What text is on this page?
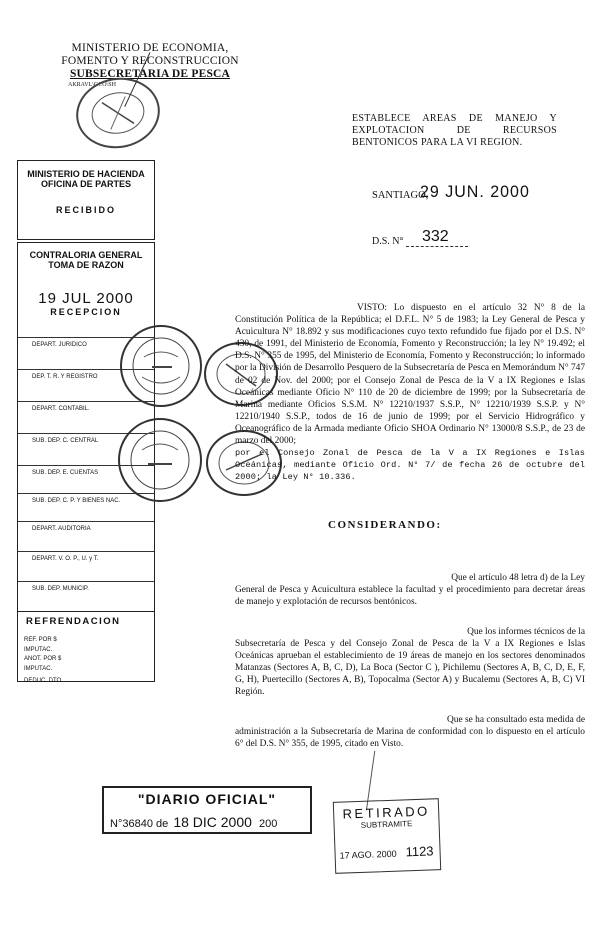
MINISTERIO DE ECONOMIA,
FOMENTO Y RECONSTRUCCION
SUBSECRETARIA DE PESCA
AKRAVL\GCO\SH
ESTABLECE AREAS DE MANEJO Y EXPLOTACION DE RECURSOS BENTONICOS PARA LA VI REGION.
MINISTERIO DE HACIENDA
OFICINA DE PARTES
RECIBIDO
SANTIAGO,
29 JUN. 2000
D.S. N° 332
CONTRALORIA GENERAL
TOMA DE RAZON
19 JUL 2000
RECEPCION
DEPART. JURIDICO
DEP. T. R. Y REGISTRO
DEPART. CONTABIL.
SUB. DEP. C. CENTRAL
SUB. DEP. E. CUENTAS
SUB. DEP. C. P. Y BIENES NAC.
DEPART. AUDITORIA
DEPART. V. O. P., U. y T.
SUB. DEP. MUNICIP.
REFRENDACION
REF. POR $
IMPUTAC.
ANOT. POR $
IMPUTAC.
DEDUC. DTO.
VISTO: Lo dispuesto en el artículo 32 N° 8 de la Constitución Política de la República; el D.F.L. N° 5 de 1983; la Ley General de Pesca y Acuicultura N° 18.892 y sus modificaciones cuyo texto refundido fue fijado por el D.S. N° 430, de 1991, del Ministerio de Economía, Fomento y Reconstrucción; la ley N° 19.492; el D.S. N° 355 de 1995, del Ministerio de Economía, Fomento y Reconstrucción; lo informado por la División de Desarrollo Pesquero de la Subsecretaría de Pesca en Memorándum N° 747 de 02 de Nov. del 2000; por el Consejo Zonal de Pesca de la V a IX Regiones e Islas Oceánicas mediante Oficio N° 110 de 20 de diciembre de 1999; por la Subsecretaría de Marina mediante Oficios S.S.M. N° 12210/1937 S.S.P., N° 12210/1939 S.S.P. y N° 12210/1940 S.S.P., todos de 16 de junio de 1999; por el Servicio Hidrográfico y Oceanográfico de la Armada mediante Oficio SHOA Ordinario N° 13000/8 S.S.P., de 23 de marzo del 2000;
por el Consejo Zonal de Pesca de la V a IX Regiones e Islas Oceánicas, mediante Oficio Ord. N° 7/ de fecha 26 de octubre del 2000; la Ley N° 10.336.
CONSIDERANDO:
Que el artículo 48 letra d) de la Ley
General de Pesca y Acuicultura establece la facultad y el procedimiento para decretar áreas de manejo y explotación de recursos bentónicos.
Que los informes técnicos de la
Subsecretaría de Pesca y del Consejo Zonal de Pesca de la V a IX Regiones e Islas Oceánicas aprueban el establecimiento de 19 áreas de manejo en los sectores denominados Matanzas (Sectores A, B, C, D), La Boca (Sector C ), Pichilemu (Sectores A, B, C, D, E, F, G, H), Puertecillo (Sectores A, B), Topocalma (Sector A) y Bucalemu (Sectores A, B, C) VI Región.
Que se ha consultado esta medida de
administración a la Subsecretaría de Marina de conformidad con lo dispuesto en el artículo 6° del D.S. N° 355, de 1995, citado en Visto.
"DIARIO OFICIAL"
N°36840 de 18 DIC 2000 200
RETIRADO
SUBTRAMITE
17 AGO. 2000 1123
